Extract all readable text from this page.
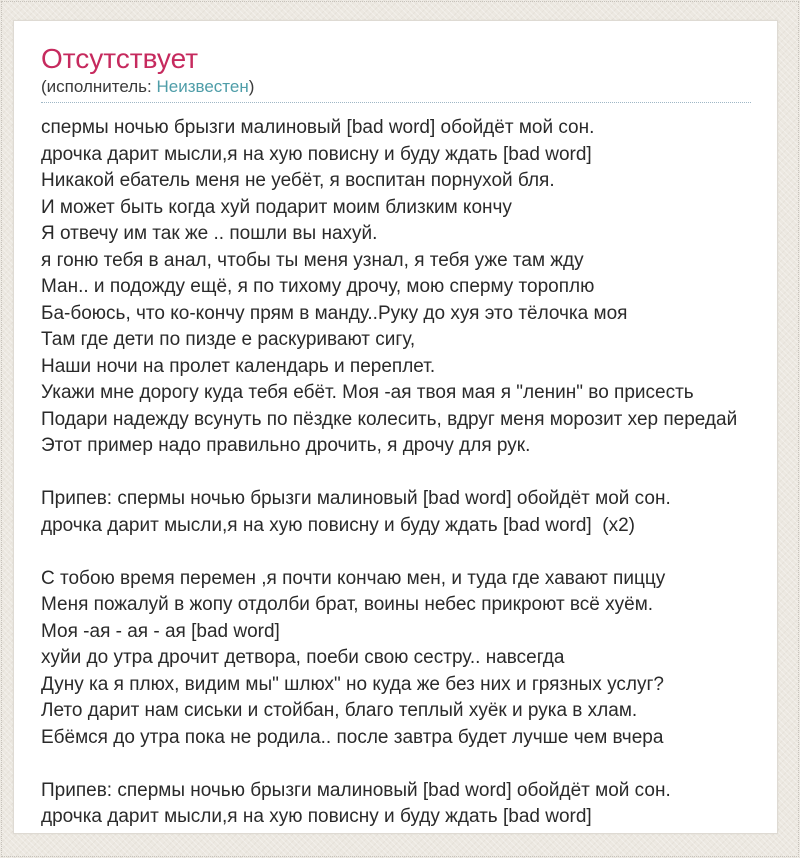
Отсутствует
(исполнитель: Неизвестен)
спермы ночью брызги малиновый [bad word] обойдёт мой сон.
дрочка дарит мысли,я на хую повисну и буду ждать [bad word]
Никакой ебатель меня не уебёт, я воспитан порнухой бля.
И может быть когда хуй подарит моим близким кончу
Я отвечу им так же .. пошли вы нахуй.
я гоню тебя в анал, чтобы ты меня узнал, я тебя уже там жду
Ман.. и подожду ещё, я по тихому дрочу, мою сперму тороплю
Ба-боюсь, что ко-кончу прям в манду..Руку до хуя это тёлочка моя
Там где дети по пизде е раскуривают сигу,
Наши ночи на пролет календарь и переплет.
Укажи мне дорогу куда тебя ебёт. Моя -ая твоя мая я "ленин" во присесть
Подари надежду всунуть по пёздке колесить, вдруг меня морозит хер передай
Этот пример надо правильно дрочить, я дрочу для рук.
Припев: спермы ночью брызги малиновый [bad word] обойдёт мой сон.
дрочка дарит мысли,я на хую повисну и буду ждать [bad word]  (x2)
С тобою время перемен ,я почти кончаю мен, и туда где хавают пиццу
Меня пожалуй в жопу отдолби брат, воины небес прикроют всё хуём.
Моя -ая - ая - ая [bad word]
хуйи до утра дрочит детвора, поеби свою сестру.. навсегда
Дуну ка я плюх, видим мы" шлюх" но куда же без них и грязных услуг?
Лето дарит нам сиськи и стойбан, благо теплый хуёк и рука в хлам.
Ебёмся до утра пока не родила.. после завтра будет лучше чем вчера
Припев: спермы ночью брызги малиновый [bad word] обойдёт мой сон.
дрочка дарит мысли,я на хую повисну и буду ждать [bad word]
